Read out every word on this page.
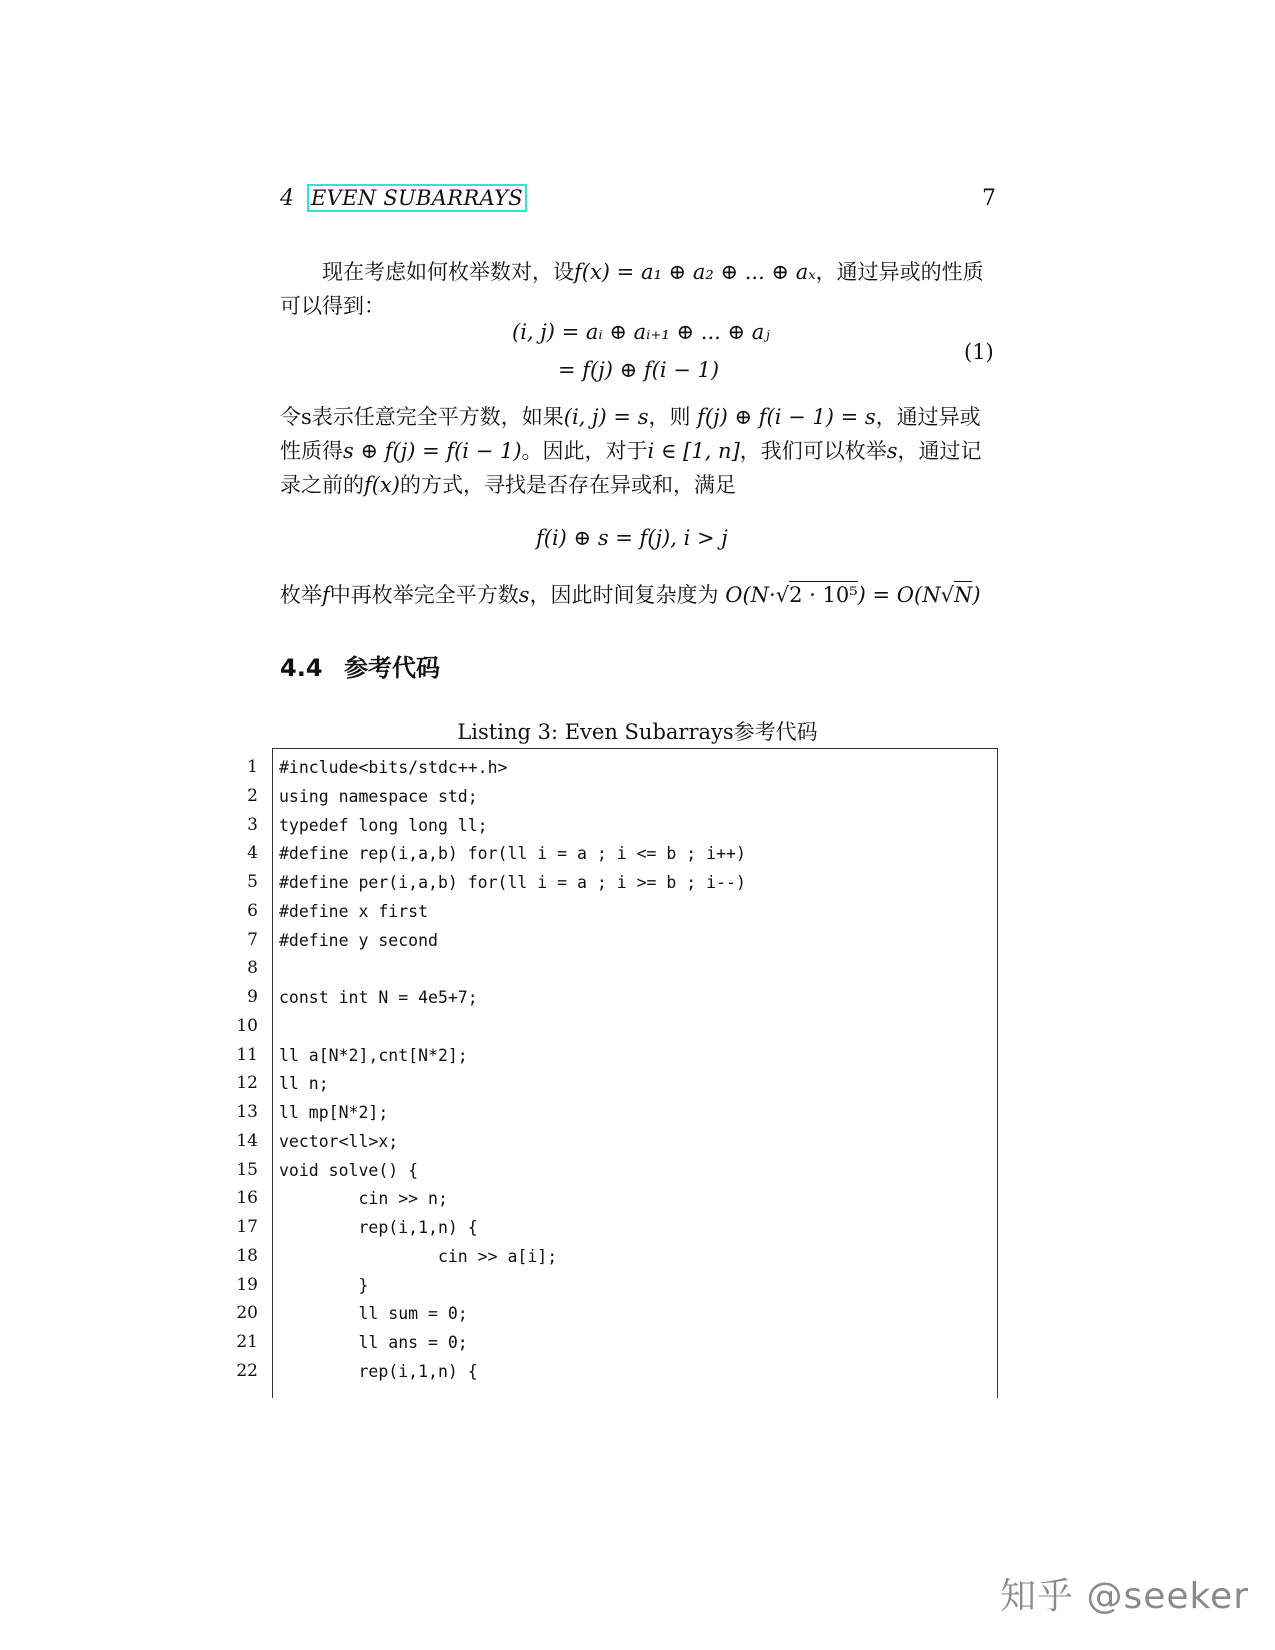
4 EVEN SUBARRAYS	7
现在考虑如何枚举数对，设f(x) = a₁ ⊕ a₂ ⊕ ... ⊕ aₓ，通过异或的性质可以得到：
(i, j) = aᵢ ⊕ aᵢ₊₁ ⊕ ... ⊕ aⱼ
= f(j) ⊕ f(i − 1)
(1)
令s表示任意完全平方数，如果(i, j) = s，则 f(j) ⊕ f(i − 1) = s，通过异或性质得s ⊕ f(j) = f(i − 1)。因此，对于i ∈ [1, n]，我们可以枚举s，通过记录之前的f(x)的方式，寻找是否存在异或和，满足
f(i) ⊕ s = f(j), i > j
枚举f中再枚举完全平方数s，因此时间复杂度为 O(N·√2 · 10⁵) = O(N√N)
4.4 参考代码
Listing 3: Even Subarrays参考代码
1 #include<bits/stdc++.h>
2 using namespace std;
3 typedef long long ll;
4 #define rep(i,a,b) for(ll i = a ; i <= b ; i++)
5 #define per(i,a,b) for(ll i = a ; i >= b ; i--)
6 #define x first
7 #define y second
8
9 const int N = 4e5+7;
10
11 ll a[N*2],cnt[N*2];
12 ll n;
13 ll mp[N*2];
14 vector<ll>x;
15 void solve() {
16 cin >> n;
17 rep(i,1,n) {
18 cin >> a[i];
19 }
20 ll sum = 0;
21 ll ans = 0;
22 rep(i,1,n) {
知乎 @seeker
